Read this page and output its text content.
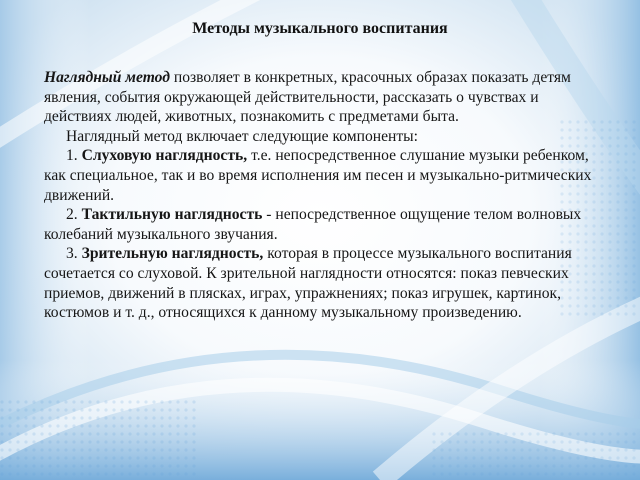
Методы музыкального воспитания

Наглядный метод позволяет в конкретных, красочных образах показать детям явления, события окружающей действительности, рассказать о чувствах и действиях людей, животных, познакомить с предметами быта.

Наглядный метод включает следующие компоненты:

1. Слуховую наглядность, т.е. непосредственное слушание музыки ребенком, как специальное, так и во время исполнения им песен и музыкально-ритмических движений.

2. Тактильную наглядность - непосредственное ощущение телом волновых колебаний музыкального звучания.

3. Зрительную наглядность, которая в процессе музыкального воспитания сочетается со слуховой. К зрительной наглядности относятся: показ певческих приемов, движений в плясках, играх, упражнениях; показ игрушек, картинок, костюмов и т. д., относящихся к данному музыкальному произведению.
